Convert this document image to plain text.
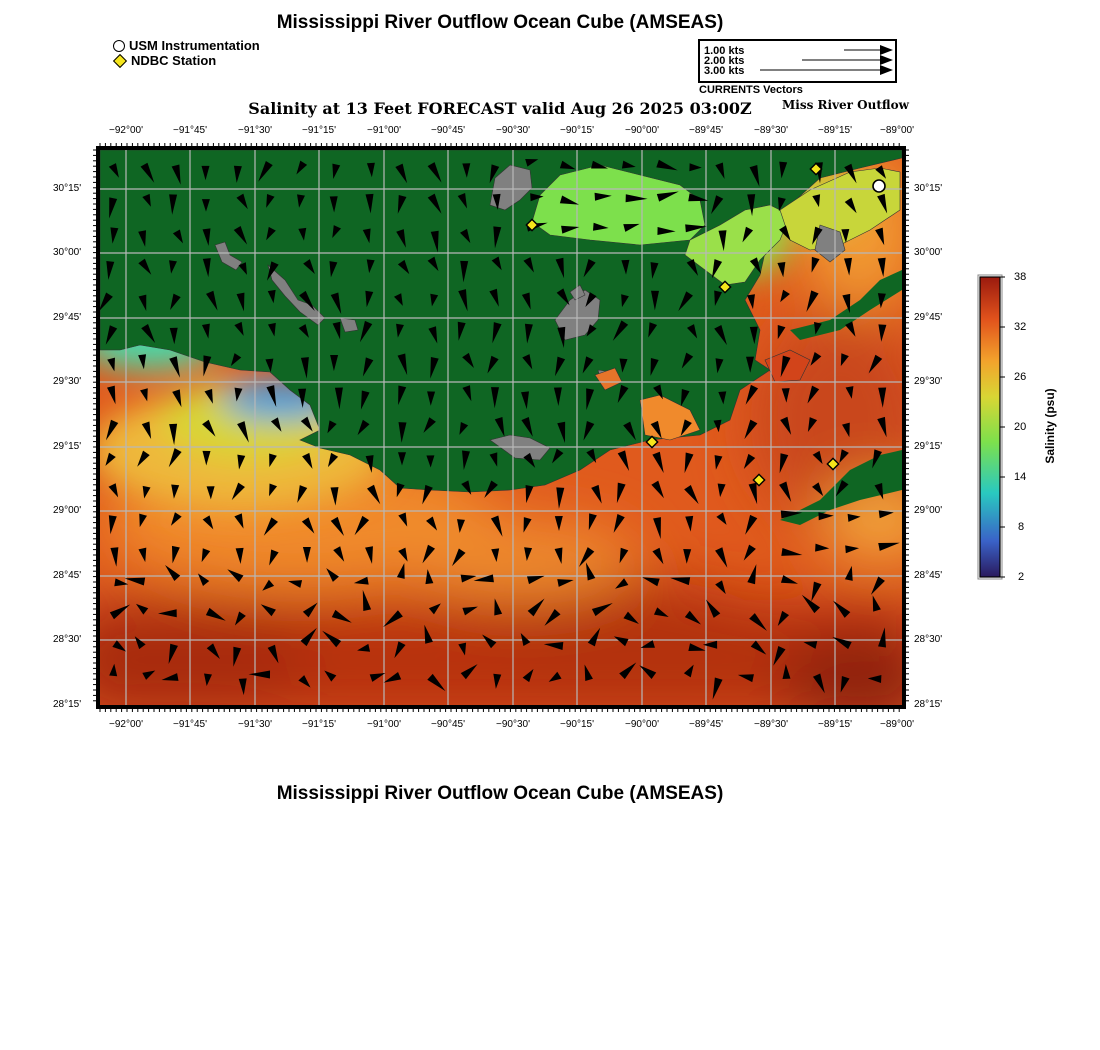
Mississippi River Outflow Ocean Cube (AMSEAS)
USM Instrumentation
NDBC Station
1.00 kts
2.00 kts
3.00 kts
CURRENTS Vectors
Salinity at 13 Feet FORECAST valid Aug 26 2025 03:00Z	Miss River Outflow
−92°00'	−91°45'	−91°30'	−91°15'	−91°00'	−90°45'	−90°30'	−90°15'	−90°00'	−89°45'	−89°30'	−89°15'	−89°00'
−92°00'	−91°45'	−91°30'	−91°15'	−91°00'	−90°45'	−90°30'	−90°15'	−90°00'	−89°45'	−89°30'	−89°15'	−89°00'
30°15'
30°00'
29°45'
29°30'
29°15'
29°00'
28°45'
28°30'
28°15'
30°15'
30°00'
29°45'
29°30'
29°15'
29°00'
28°45'
28°30'
28°15'
38
32
26
20
14
8
2
Salinity (psu)
Mississippi River Outflow Ocean Cube (AMSEAS)
